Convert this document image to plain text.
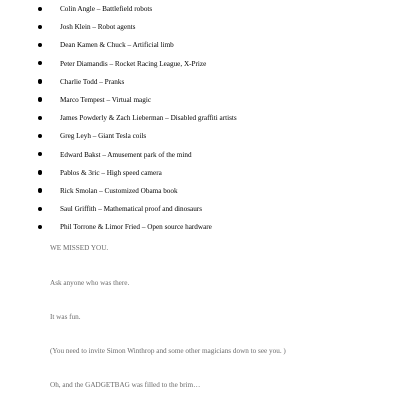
Colin Angle – Battlefield robots
Josh Klein – Robot agents
Dean Kamen & Chuck – Artificial limb
Peter Diamandis – Rocket Racing League, X-Prize
Charlie Todd – Pranks
Marco Tempest – Virtual magic
James Powderly & Zach Lieberman – Disabled graffiti artists
Greg Leyh – Giant Tesla coils
Edward Bakst – Amusement park of the mind
Pablos & 3ric – High speed camera
Rick Smolan – Customized Obama book
Saul Griffith – Mathematical proof and dinosaurs
Phil Torrone & Limor Fried – Open source hardware

WE MISSED YOU.

Ask anyone who was there.

It was fun.

(You need to invite Simon Winthrop and some other magicians down to see you. )

Oh, and the GADGETBAG was filled to the brim…
